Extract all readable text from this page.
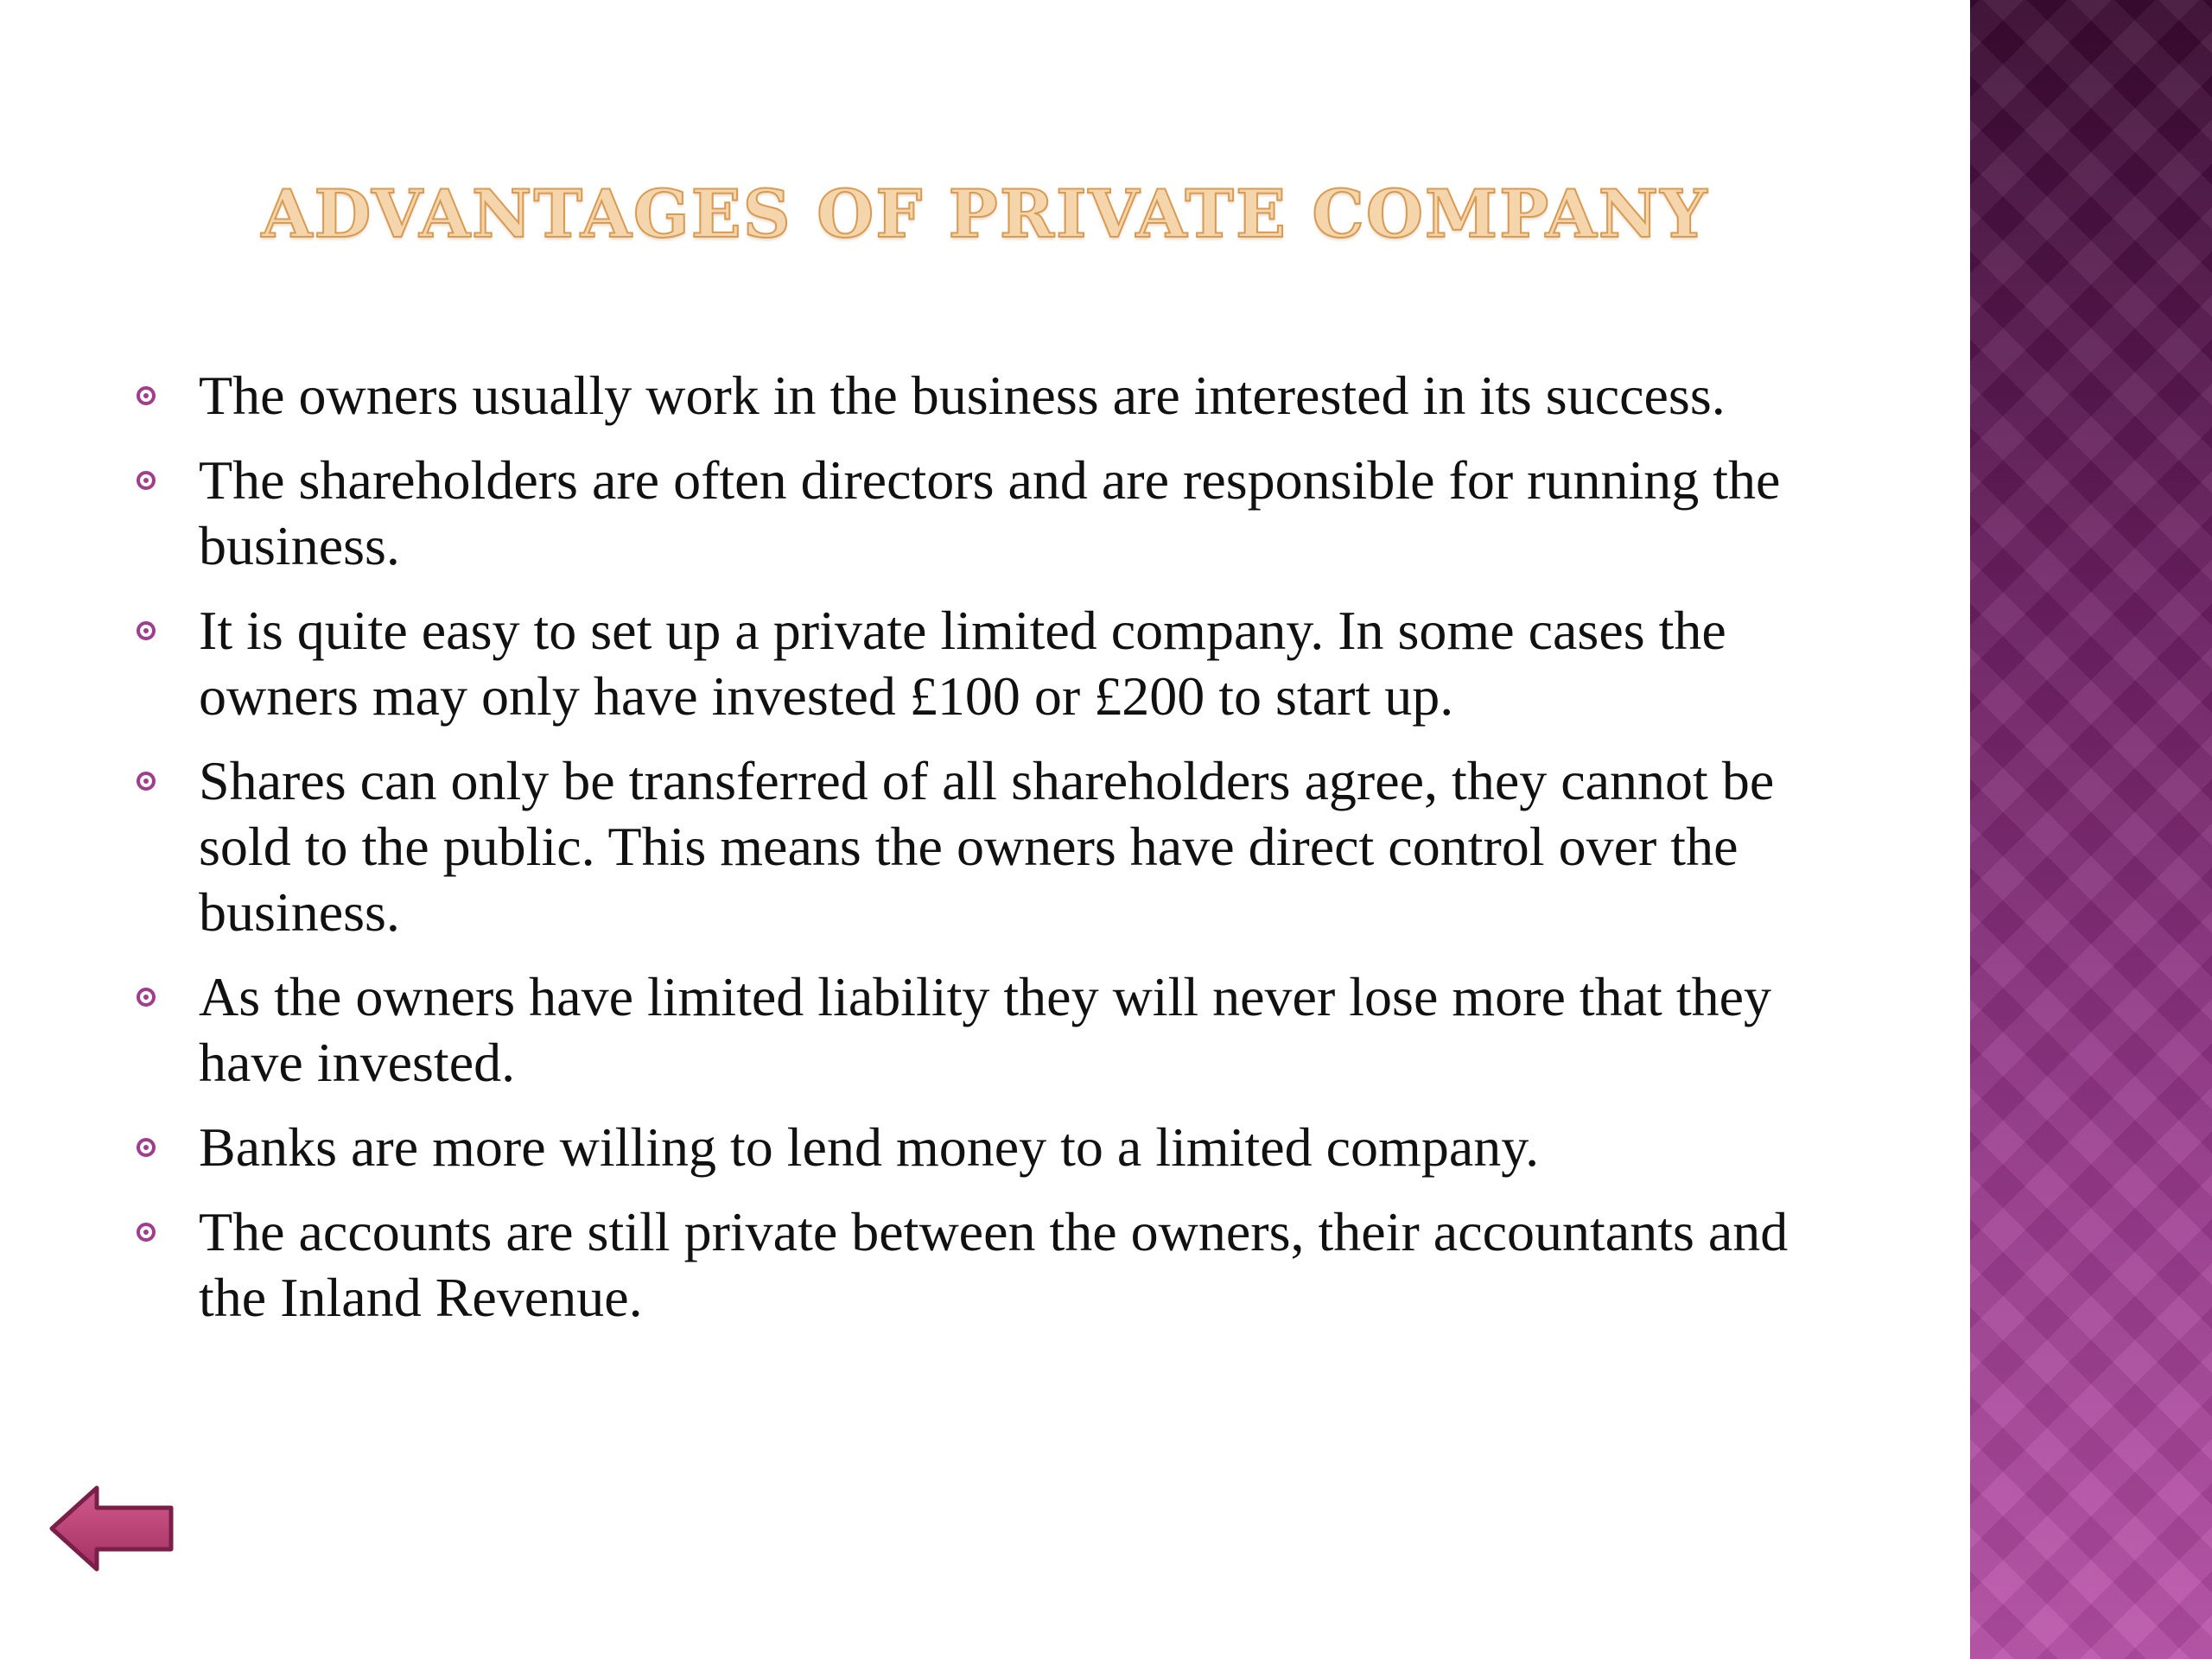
ADVANTAGES OF PRIVATE COMPANY
The owners usually work in the business are interested in its success.
The shareholders are often directors and are responsible for running the business.
It is quite easy to set up a private limited company. In some cases the owners may only have invested £100 or £200 to start up.
Shares can only be transferred of all shareholders agree, they cannot be sold to the public. This means the owners have direct control over the business.
As the owners have limited liability they will never lose more that they have invested.
Banks are more willing to lend money to a limited company.
The accounts are still private between the owners, their accountants and the Inland Revenue.
